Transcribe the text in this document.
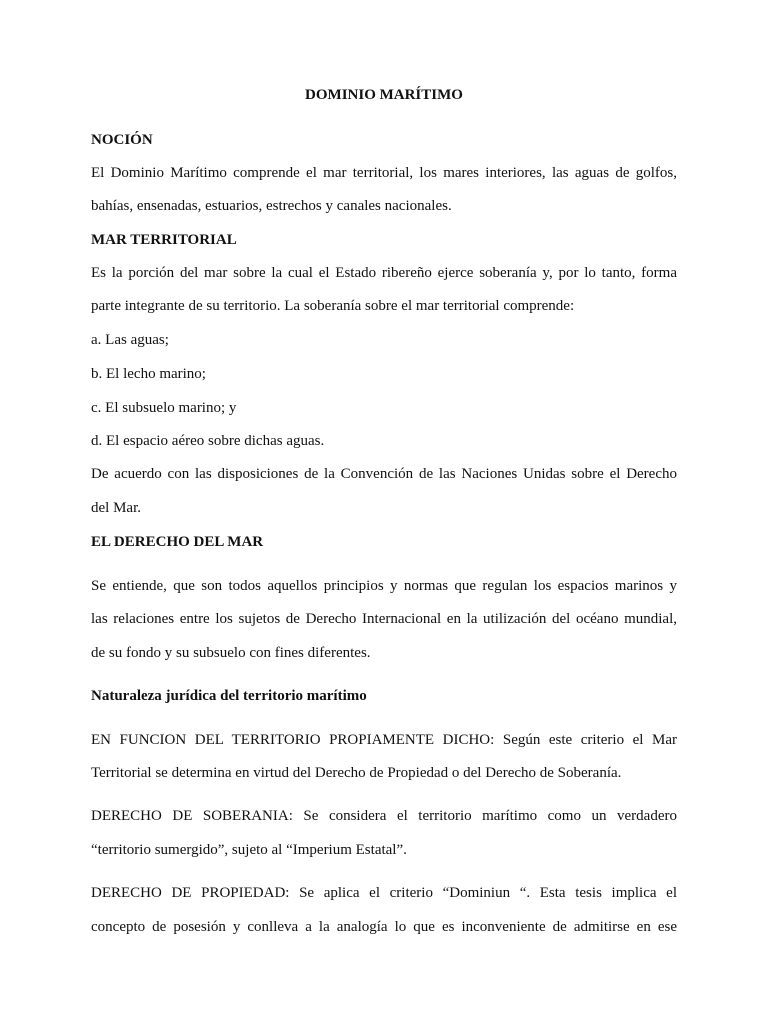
DOMINIO MARÍTIMO

NOCIÓN

El Dominio Marítimo comprende el mar territorial, los mares interiores, las aguas de golfos,

bahías, ensenadas, estuarios, estrechos y canales nacionales.

MAR TERRITORIAL

Es la porción del mar sobre la cual el Estado ribereño ejerce soberanía y, por lo tanto, forma

parte integrante de su territorio. La soberanía sobre el mar territorial comprende:

a. Las aguas;

b. El lecho marino;

c. El subsuelo marino; y

d. El espacio aéreo sobre dichas aguas.

De acuerdo con las disposiciones de la Convención de las Naciones Unidas sobre el Derecho

del Mar.

EL DERECHO DEL MAR

Se entiende, que son todos aquellos principios y normas que regulan los espacios marinos y

las relaciones entre los sujetos de Derecho Internacional en la utilización del océano mundial,

de su fondo y su subsuelo con fines diferentes.

Naturaleza jurídica del territorio marítimo

EN FUNCION DEL TERRITORIO PROPIAMENTE DICHO: Según este criterio el Mar

Territorial se determina en virtud del Derecho de Propiedad o del Derecho de Soberanía.

DERECHO DE SOBERANIA: Se considera el territorio marítimo como un verdadero

“territorio sumergido”, sujeto al “Imperium Estatal”.

DERECHO DE PROPIEDAD: Se aplica el criterio “Dominiun “. Esta tesis implica el

concepto de posesión y conlleva a la analogía lo que es inconveniente de admitirse en ese
